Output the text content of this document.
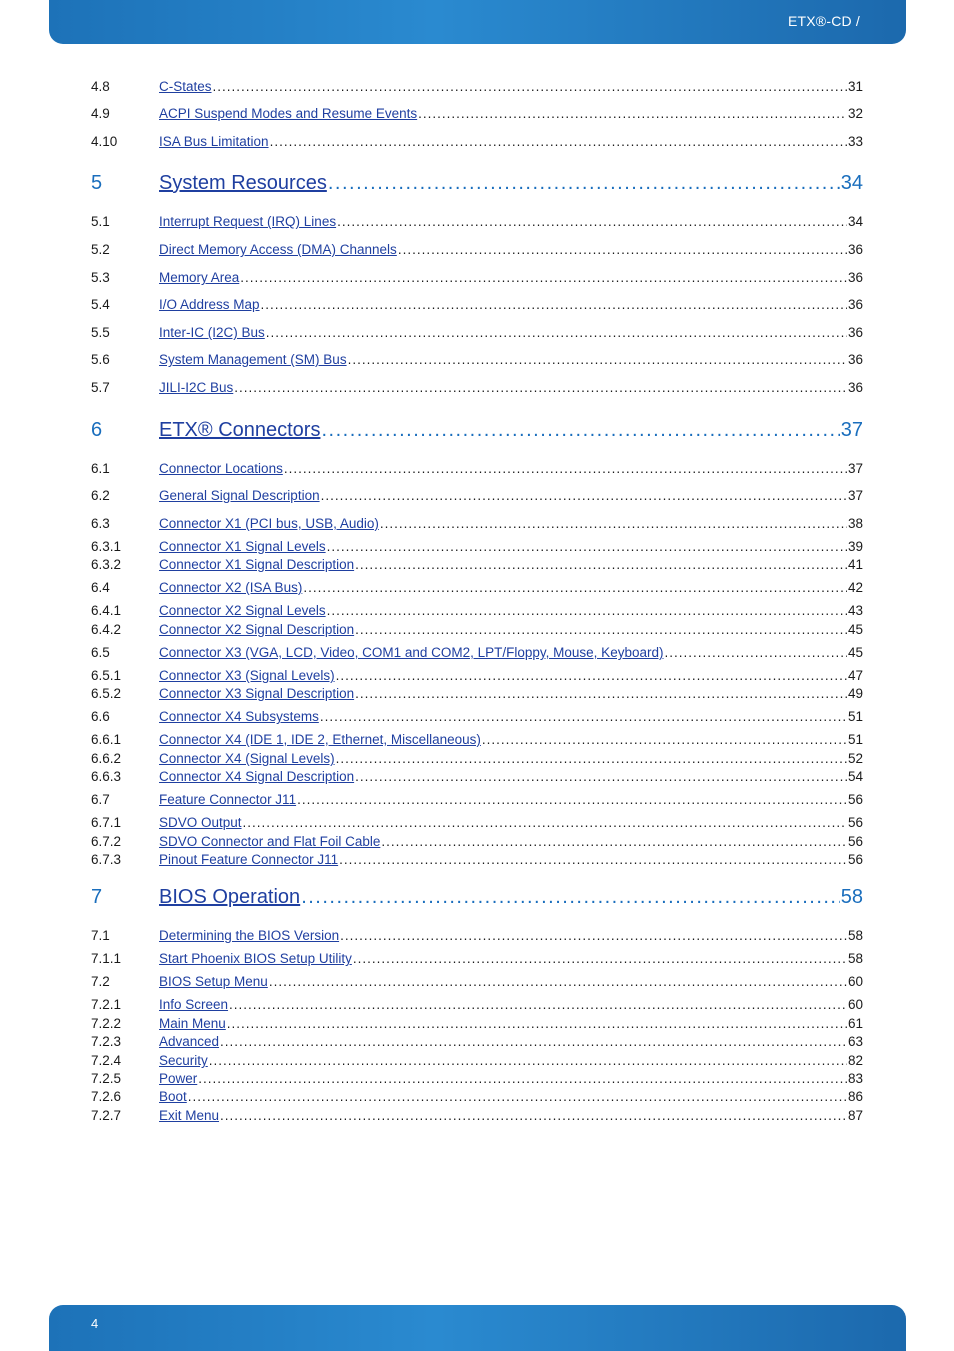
ETX®-CD /
4.8	C-States .....	31
4.9	ACPI Suspend Modes and Resume Events .....	32
4.10	ISA Bus Limitation .....	33
5	System Resources .....	34
5.1	Interrupt Request (IRQ) Lines .....	34
5.2	Direct Memory Access (DMA) Channels .....	36
5.3	Memory Area .....	36
5.4	I/O Address Map .....	36
5.5	Inter-IC (I2C) Bus .....	36
5.6	System Management (SM) Bus .....	36
5.7	JILI-I2C Bus .....	36
6	ETX® Connectors .....	37
6.1	Connector Locations .....	37
6.2	General Signal Description .....	37
6.3	Connector X1 (PCI bus, USB, Audio) .....	38
6.3.1	Connector X1 Signal Levels .....	39
6.3.2	Connector X1 Signal Description .....	41
6.4	Connector X2 (ISA Bus) .....	42
6.4.1	Connector X2 Signal Levels .....	43
6.4.2	Connector X2 Signal Description .....	45
6.5	Connector X3 (VGA, LCD, Video, COM1 and COM2, LPT/Floppy, Mouse, Keyboard) .....	45
6.5.1	Connector X3 (Signal Levels) .....	47
6.5.2	Connector X3 Signal Description .....	49
6.6	Connector X4 Subsystems .....	51
6.6.1	Connector X4 (IDE 1, IDE 2, Ethernet, Miscellaneous) .....	51
6.6.2	Connector X4 (Signal Levels) .....	52
6.6.3	Connector X4 Signal Description .....	54
6.7	Feature Connector J11 .....	56
6.7.1	SDVO Output .....	56
6.7.2	SDVO Connector and Flat Foil Cable .....	56
6.7.3	Pinout Feature Connector J11 .....	56
7	BIOS Operation .....	58
7.1	Determining the BIOS Version .....	58
7.1.1	Start Phoenix BIOS Setup Utility .....	58
7.2	BIOS Setup Menu .....	60
7.2.1	Info Screen .....	60
7.2.2	Main Menu .....	61
7.2.3	Advanced .....	63
7.2.4	Security .....	82
7.2.5	Power .....	83
7.2.6	Boot .....	86
7.2.7	Exit Menu .....	87
4
